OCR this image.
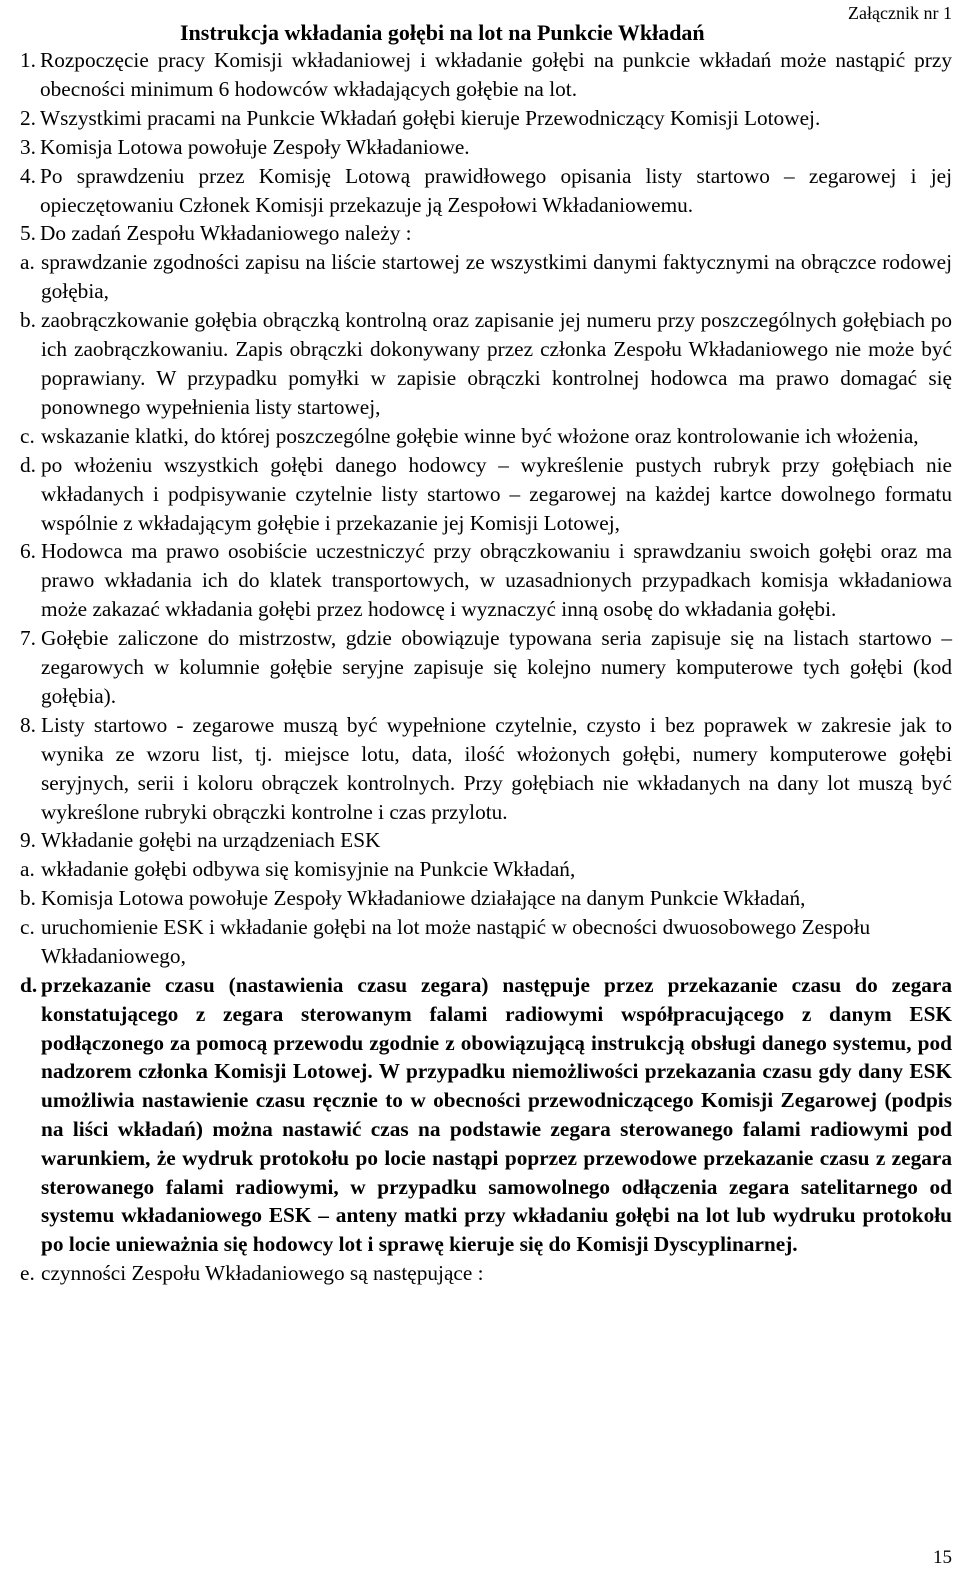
Załącznik nr 1
Instrukcja wkładania gołębi na lot na Punkcie Wkładań
1. Rozpoczęcie pracy Komisji wkładaniowej i wkładanie gołębi na punkcie wkładań może nastąpić przy obecności minimum 6 hodowców wkładających gołębie na lot.
2. Wszystkimi pracami na Punkcie Wkładań gołębi kieruje Przewodniczący Komisji Lotowej.
3. Komisja Lotowa powołuje Zespoły Wkładaniowe.
4. Po sprawdzeniu przez Komisję Lotową prawidłowego opisania listy startowo – zegarowej i jej opieczętowaniu Członek Komisji przekazuje ją Zespołowi Wkładaniowemu.
5. Do zadań Zespołu Wkładaniowego należy :
a. sprawdzanie zgodności zapisu na liście startowej ze wszystkimi danymi faktycznymi na obrączce rodowej gołębia,
b. zaobrączkowanie gołębia obrączką kontrolną oraz zapisanie jej numeru przy poszczególnych gołębiach po ich zaobrączkowaniu. Zapis obrączki dokonywany przez członka Zespołu Wkładaniowego nie może być poprawiany. W przypadku pomyłki w zapisie obrączki kontrolnej hodowca ma prawo domagać się ponownego wypełnienia listy startowej,
c. wskazanie klatki, do której poszczególne gołębie winne być włożone oraz kontrolowanie ich włożenia,
d. po włożeniu wszystkich gołębi danego hodowcy – wykreślenie pustych rubryk przy gołębiach nie wkładanych i podpisywanie czytelnie listy startowo – zegarowej na każdej kartce dowolnego formatu wspólnie z wkładającym gołębie i przekazanie jej Komisji Lotowej,
6. Hodowca ma prawo osobiście uczestniczyć przy obrączkowaniu i sprawdzaniu swoich gołębi oraz ma prawo wkładania ich do klatek transportowych, w uzasadnionych przypadkach komisja wkładaniowa może zakazać wkładania gołębi przez hodowcę i wyznaczyć inną osobę do wkładania gołębi.
7. Gołębie zaliczone do mistrzostw, gdzie obowiązuje typowana seria zapisuje się na listach startowo – zegarowych w kolumnie gołębie seryjne zapisuje się kolejno numery komputerowe tych gołębi (kod gołębia).
8. Listy startowo - zegarowe muszą być wypełnione czytelnie, czysto i bez poprawek w zakresie jak to wynika ze wzoru list, tj. miejsce lotu, data, ilość włożonych gołębi, numery komputerowe gołębi seryjnych, serii i koloru obrączek kontrolnych. Przy gołębiach nie wkładanych na dany lot muszą być wykreślone rubryki obrączki kontrolne i czas przylotu.
9. Wkładanie gołębi na urządzeniach ESK
a. wkładanie gołębi odbywa się komisyjnie na Punkcie Wkładań,
b. Komisja Lotowa powołuje Zespoły Wkładaniowe działające na danym Punkcie Wkładań,
c. uruchomienie ESK i wkładanie gołębi na lot może nastąpić w obecności dwuosobowego Zespołu Wkładaniowego,
d. przekazanie czasu (nastawienia czasu zegara) następuje przez przekazanie czasu do zegara konstatującego z zegara sterowanym falami radiowymi współpracującego z danym ESK podłączonego za pomocą przewodu zgodnie z obowiązującą instrukcją obsługi danego systemu, pod nadzorem członka Komisji Lotowej. W przypadku niemożliwości przekazania czasu gdy dany ESK umożliwia nastawienie czasu ręcznie to w obecności przewodniczącego Komisji Zegarowej (podpis na liści wkładań) można nastawić czas na podstawie zegara sterowanego falami radiowymi pod warunkiem, że wydruk protokołu po locie nastąpi poprzez przewodowe przekazanie czasu z zegara sterowanego falami radiowymi, w przypadku samowolnego odłączenia zegara satelitarnego od systemu wkładaniowego ESK – anteny matki przy wkładaniu gołębi na lot lub wydruku protokołu po locie unieważnia się hodowcy lot i sprawę kieruje się do Komisji Dyscyplinarnej.
e. czynności Zespołu Wkładaniowego są następujące :
15
